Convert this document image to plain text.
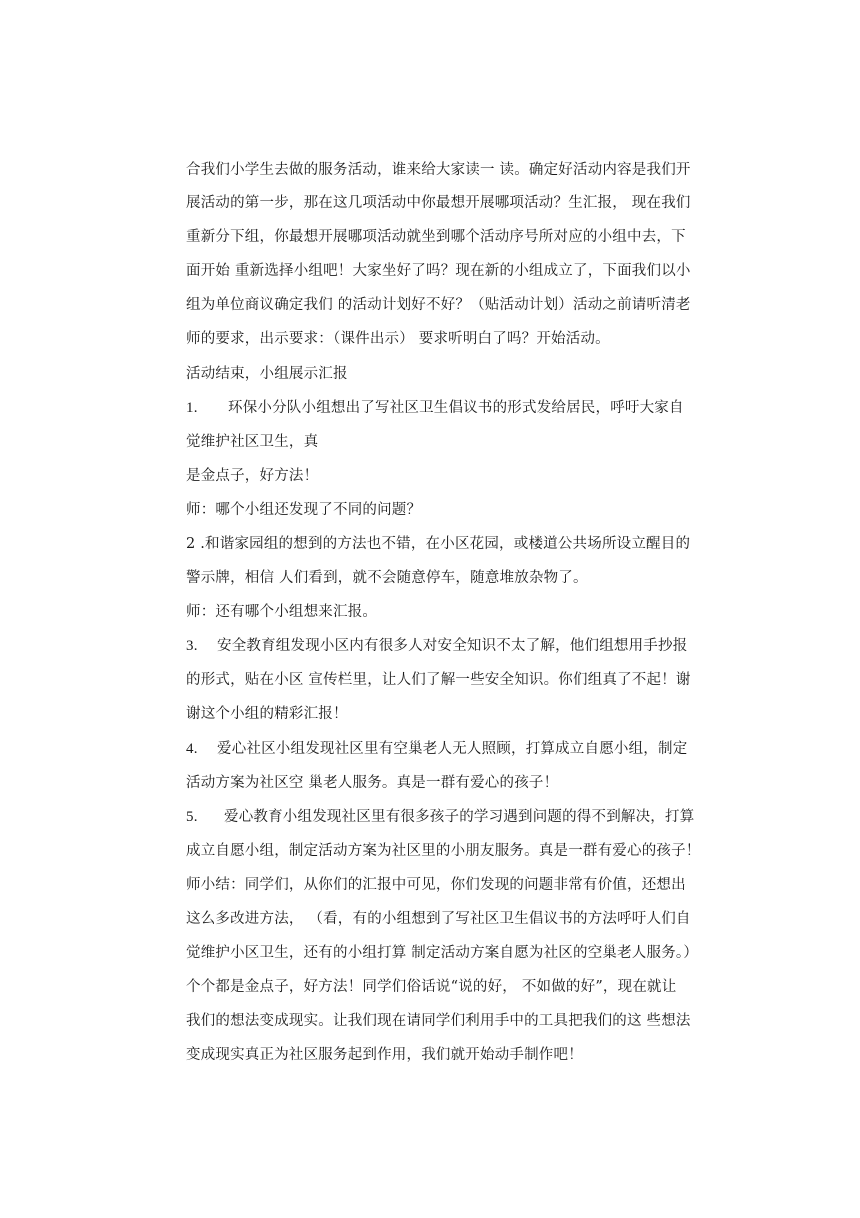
合我们小学生去做的服务活动，谁来给大家读一 读。确定好活动内容是我们开
展活动的第一步，那在这几项活动中你最想开展哪项活动？生汇报， 现在我们
重新分下组，你最想开展哪项活动就坐到哪个活动序号所对应的小组中去，下
面开始 重新选择小组吧！大家坐好了吗？现在新的小组成立了，下面我们以小
组为单位商议确定我们 的活动计划好不好？（贴活动计划）活动之前请听清老
师的要求，出示要求：（课件出示） 要求听明白了吗？开始活动。
活动结束，小组展示汇报
1. 环保小分队小组想出了写社区卫生倡议书的形式发给居民，呼吁大家自
觉维护社区卫生，真
是金点子，好方法！
师：哪个小组还发现了不同的问题？
2 .和谐家园组的想到的方法也不错，在小区花园，或楼道公共场所设立醒目的
警示牌，相信 人们看到，就不会随意停车，随意堆放杂物了。
师：还有哪个小组想来汇报。
3. 安全教育组发现小区内有很多人对安全知识不太了解，他们组想用手抄报
的形式，贴在小区 宣传栏里，让人们了解一些安全知识。你们组真了不起！谢
谢这个小组的精彩汇报！
4. 爱心社区小组发现社区里有空巢老人无人照顾，打算成立自愿小组，制定
活动方案为社区空 巢老人服务。真是一群有爱心的孩子！
5. 爱心教育小组发现社区里有很多孩子的学习遇到问题的得不到解决，打算
成立自愿小组，制定活动方案为社区里的小朋友服务。真是一群有爱心的孩子！
师小结：同学们，从你们的汇报中可见，你们发现的问题非常有价值，还想出
这么多改进方法， （看，有的小组想到了写社区卫生倡议书的方法呼吁人们自
觉维护小区卫生，还有的小组打算 制定活动方案自愿为社区的空巢老人服务。）
个个都是金点子，好方法！同学们俗话说“说的好， 不如做的好”，现在就让
我们的想法变成现实。让我们现在请同学们利用手中的工具把我们的这 些想法
变成现实真正为社区服务起到作用，我们就开始动手制作吧！
